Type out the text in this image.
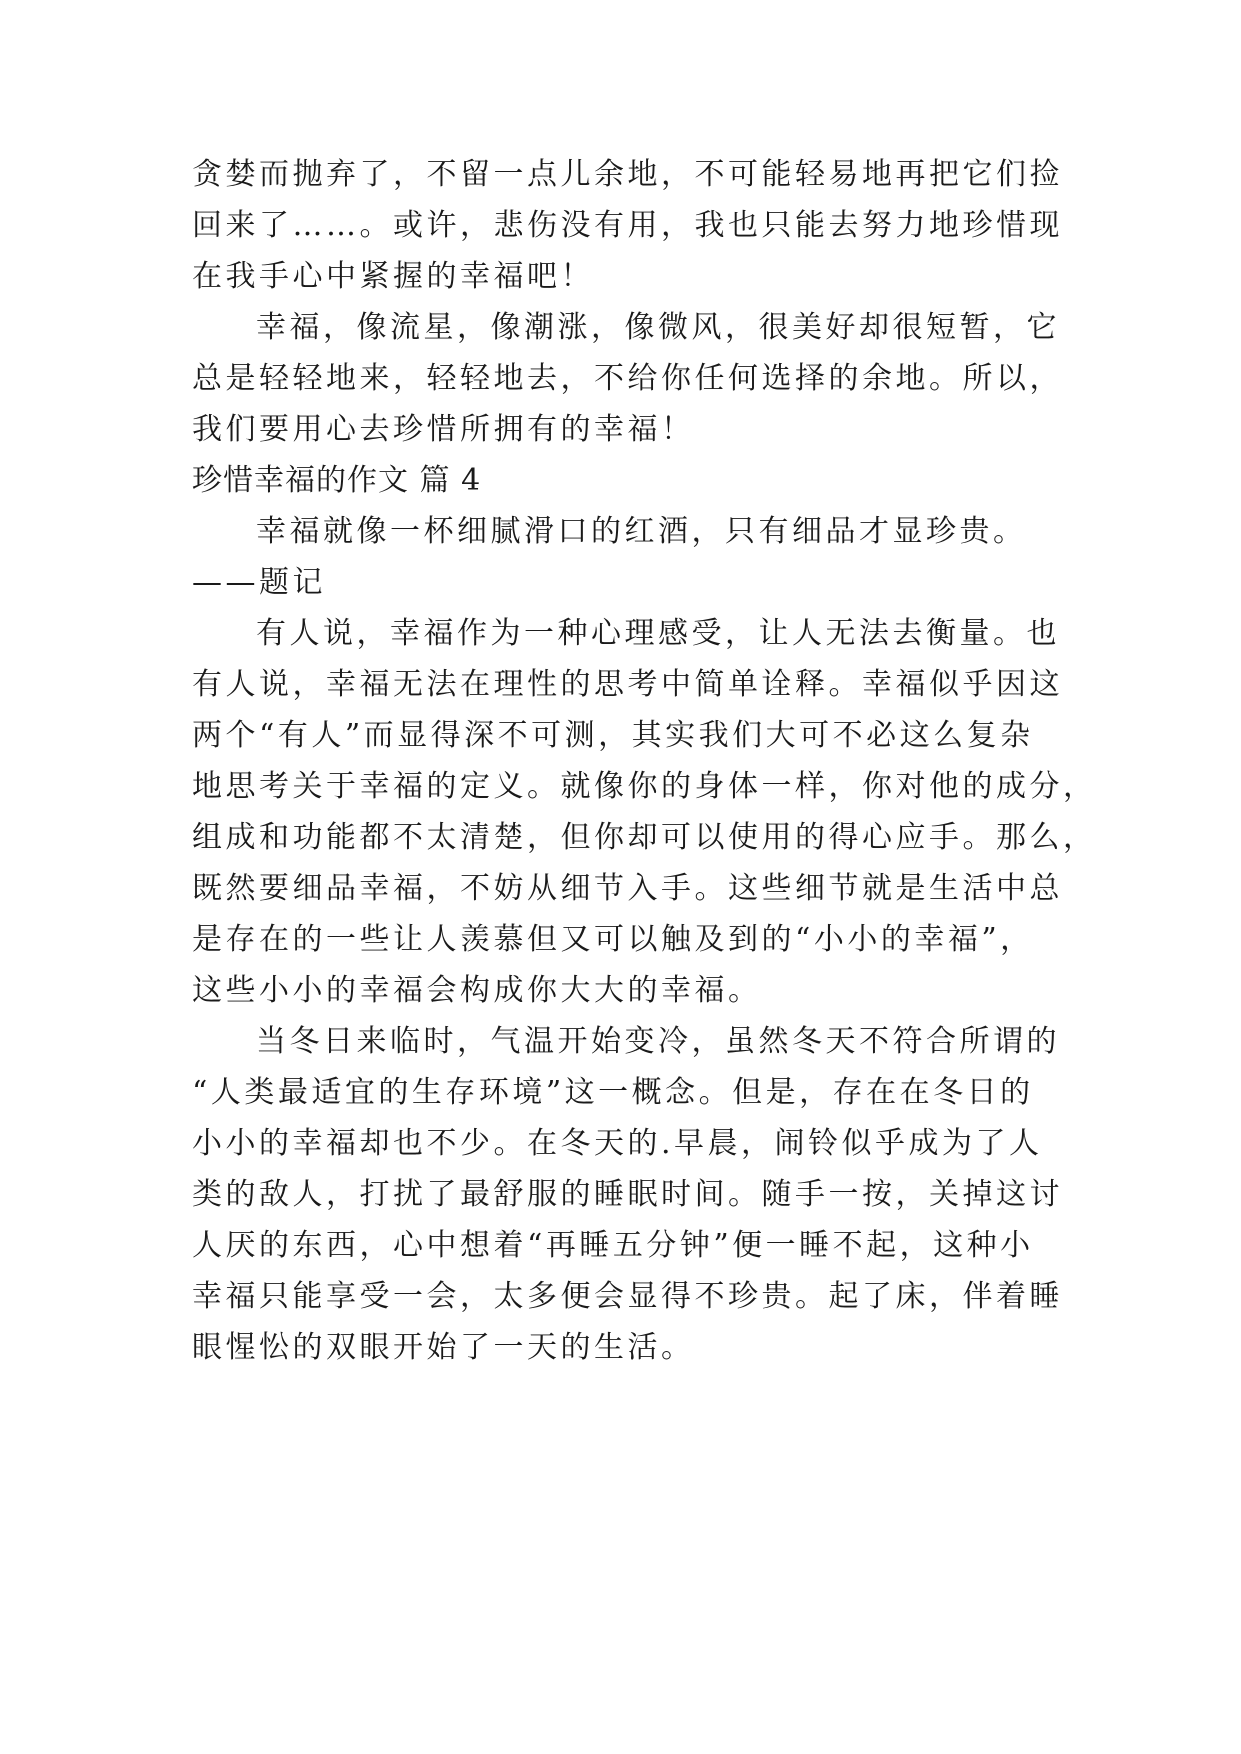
贪婪而抛弃了，不留一点儿余地，不可能轻易地再把它们捡
回来了……。或许，悲伤没有用，我也只能去努力地珍惜现
在我手心中紧握的幸福吧！
幸福，像流星，像潮涨，像微风，很美好却很短暂，它
总是轻轻地来，轻轻地去，不给你任何选择的余地。所以，
我们要用心去珍惜所拥有的幸福！
珍惜幸福的作文 篇 4
幸福就像一杯细腻滑口的红酒，只有细品才显珍贵。
——题记
有人说，幸福作为一种心理感受，让人无法去衡量。也
有人说，幸福无法在理性的思考中简单诠释。幸福似乎因这
两个“有人”而显得深不可测，其实我们大可不必这么复杂
地思考关于幸福的定义。就像你的身体一样，你对他的成分，
组成和功能都不太清楚，但你却可以使用的得心应手。那么，
既然要细品幸福，不妨从细节入手。这些细节就是生活中总
是存在的一些让人羡慕但又可以触及到的“小小的幸福”，
这些小小的幸福会构成你大大的幸福。
当冬日来临时，气温开始变冷，虽然冬天不符合所谓的
“人类最适宜的生存环境”这一概念。但是，存在在冬日的
小小的幸福却也不少。在冬天的.早晨，闹铃似乎成为了人
类的敌人，打扰了最舒服的睡眠时间。随手一按，关掉这讨
人厌的东西，心中想着“再睡五分钟”便一睡不起，这种小
幸福只能享受一会，太多便会显得不珍贵。起了床，伴着睡
眼惺忪的双眼开始了一天的生活。
